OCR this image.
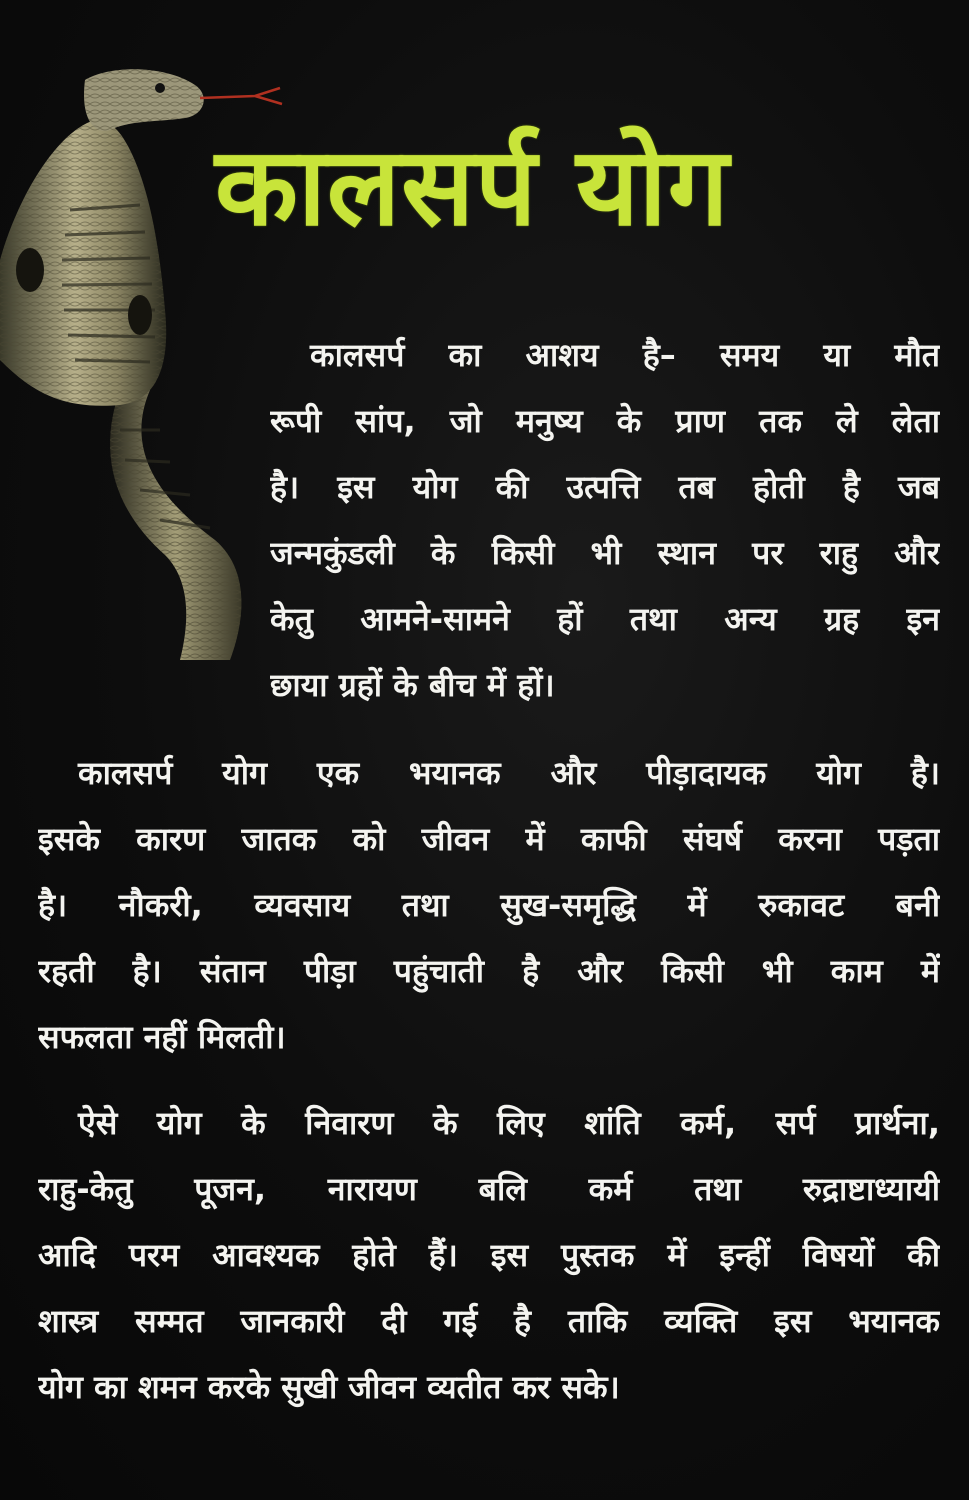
कालसर्प योग
कालसर्प का आशय है– समय या मौत
रूपी सांप, जो मनुष्य के प्राण तक ले लेता
है। इस योग की उत्पत्ति तब होती है जब
जन्मकुंडली के किसी भी स्थान पर राहु और
केतु आमने-सामने हों तथा अन्य ग्रह इन
छाया ग्रहों के बीच में हों।
कालसर्प योग एक भयानक और पीड़ादायक योग है।
इसके कारण जातक को जीवन में काफी संघर्ष करना पड़ता
है। नौकरी, व्यवसाय तथा सुख-समृद्धि में रुकावट बनी
रहती है। संतान पीड़ा पहुंचाती है और किसी भी काम में
सफलता नहीं मिलती।
ऐसे योग के निवारण के लिए शांति कर्म, सर्प प्रार्थना,
राहु-केतु पूजन, नारायण बलि कर्म तथा रुद्राष्टाध्यायी
आदि परम आवश्यक होते हैं। इस पुस्तक में इन्हीं विषयों की
शास्त्र सम्मत जानकारी दी गई है ताकि व्यक्ति इस भयानक
योग का शमन करके सुखी जीवन व्यतीत कर सके।
